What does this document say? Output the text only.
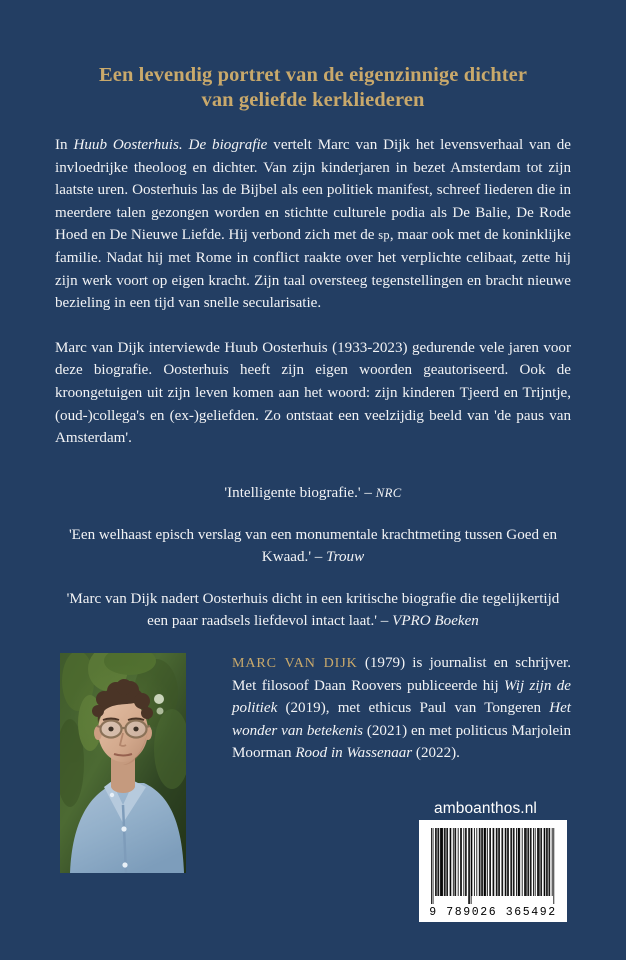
Een levendig portret van de eigenzinnige dichter
van geliefde kerkliederen

In Huub Oosterhuis. De biografie vertelt Marc van Dijk het levensverhaal van de invloedrijke theoloog en dichter. Van zijn kinderjaren in bezet Amsterdam tot zijn laatste uren. Oosterhuis las de Bijbel als een politiek manifest, schreef liederen die in meerdere talen gezongen worden en stichtte culturele podia als De Balie, De Rode Hoed en De Nieuwe Liefde. Hij verbond zich met de sp, maar ook met de koninklijke familie. Nadat hij met Rome in conflict raakte over het verplichte celibaat, zette hij zijn werk voort op eigen kracht. Zijn taal oversteeg tegenstellingen en bracht nieuwe bezieling in een tijd van snelle secularisatie.

Marc van Dijk interviewde Huub Oosterhuis (1933-2023) gedurende vele jaren voor deze biografie. Oosterhuis heeft zijn eigen woorden geautoriseerd. Ook de kroongetuigen uit zijn leven komen aan het woord: zijn kinderen Tjeerd en Trijntje, (oud-)collega's en (ex-)geliefden. Zo ontstaat een veelzijdig beeld van 'de paus van Amsterdam'.

'Intelligente biografie.' – NRC
'Een welhaast episch verslag van een monumentale krachtmeting tussen Goed en Kwaad.' – Trouw
'Marc van Dijk nadert Oosterhuis dicht in een kritische biografie die tegelijkertijd een paar raadsels liefdevol intact laat.' – VPRO Boeken
MARC VAN DIJK (1979) is journalist en schrijver. Met filosoof Daan Roovers publiceerde hij Wij zijn de politiek (2019), met ethicus Paul van Tongeren Het wonder van betekenis (2021) en met politicus Marjolein Moorman Rood in Wassenaar (2022).
amboanthos.nl
9 789026 365492
